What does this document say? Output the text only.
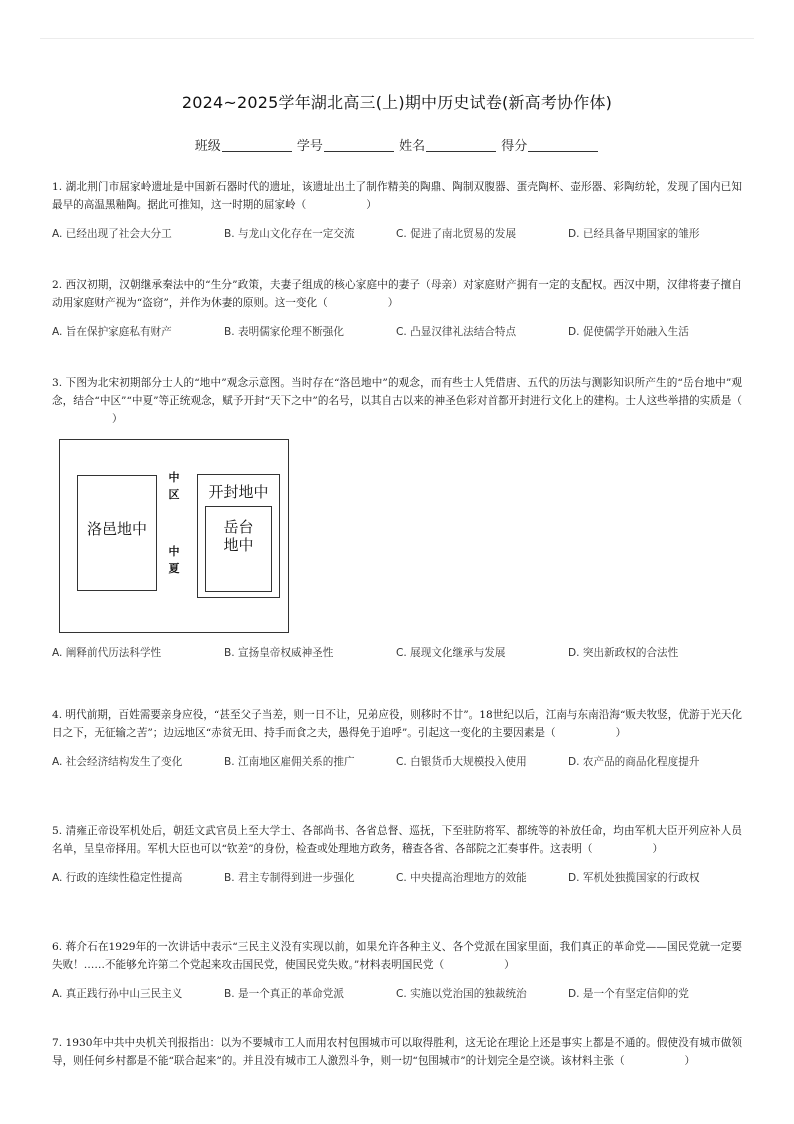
2024~2025学年湖北高三(上)期中历史试卷(新高考协作体)
班级	学号	姓名	得分

1. 湖北荆门市屈家岭遗址是中国新石器时代的遗址，该遗址出土了制作精美的陶鼎、陶制双腹器、蛋壳陶杯、壶形器、彩陶纺轮，发现了国内已知最早的高温黑釉陶。据此可推知，这一时期的屈家岭（	）

A. 已经出现了社会大分工	B. 与龙山文化存在一定交流	C. 促进了南北贸易的发展	D. 已经具备早期国家的雏形

2. 西汉初期，汉朝继承秦法中的“生分”政策，夫妻子组成的核心家庭中的妻子（母亲）对家庭财产拥有一定的支配权。西汉中期，汉律将妻子擅自动用家庭财产视为“盗窃”，并作为休妻的原则。这一变化（	）

A. 旨在保护家庭私有财产	B. 表明儒家伦理不断强化	C. 凸显汉律礼法结合特点	D. 促使儒学开始融入生活

3. 下图为北宋初期部分士人的“地中”观念示意图。当时存在“洛邑地中”的观念，而有些士人凭借唐、五代的历法与测影知识所产生的“岳台地中”观念，结合“中区”“中夏”等正统观念，赋予开封“天下之中”的名号，以其自古以来的神圣色彩对首都开封进行文化上的建构。士人这些举措的实质是（）

洛邑地中
中
区
中
夏
开封地中
岳台
地中
A. 阐释前代历法科学性	B. 宣扬皇帝权威神圣性	C. 展现文化继承与发展	D. 突出新政权的合法性

4. 明代前期，百姓需要亲身应役，“甚至父子当差，则一日不让，兄弟应役，则移时不廿”。18世纪以后，江南与东南沿海“贩夫牧竖，优游于光天化日之下，无征输之苦”；边远地区“赤贫无田、持手而食之夫，愚得免于追呼”。引起这一变化的主要因素是（	）

A. 社会经济结构发生了变化	B. 江南地区雇佣关系的推广	C. 白银货币大规模投入使用	D. 农产品的商品化程度提升

5. 清雍正帝设军机处后，朝廷文武官员上至大学士、各部尚书、各省总督、巡抚，下至驻防将军、都统等的补放任命，均由军机大臣开列应补人员名单，呈皇帝择用。军机大臣也可以“钦差”的身份，检查或处理地方政务，稽查各省、各部院之汇奏事件。这表明（	）

A. 行政的连续性稳定性提高	B. 君主专制得到进一步强化	C. 中央提高治理地方的效能	D. 军机处独揽国家的行政权

6. 蒋介石在1929年的一次讲话中表示“三民主义没有实现以前，如果允许各种主义、各个党派在国家里面，我们真正的革命党——国民党就一定要失败！……不能够允许第二个党起来攻击国民党，使国民党失败。”材料表明国民党（	）

A. 真正践行孙中山三民主义	B. 是一个真正的革命党派	C. 实施以党治国的独裁统治	D. 是一个有坚定信仰的党

7. 1930年中共中央机关刊报指出：以为不要城市工人而用农村包围城市可以取得胜利，这无论在理论上还是事实上都是不通的。假使没有城市做领导，则任何乡村都是不能“联合起来”的。并且没有城市工人激烈斗争，则一切“包围城市”的计划完全是空谈。该材料主张（	）
